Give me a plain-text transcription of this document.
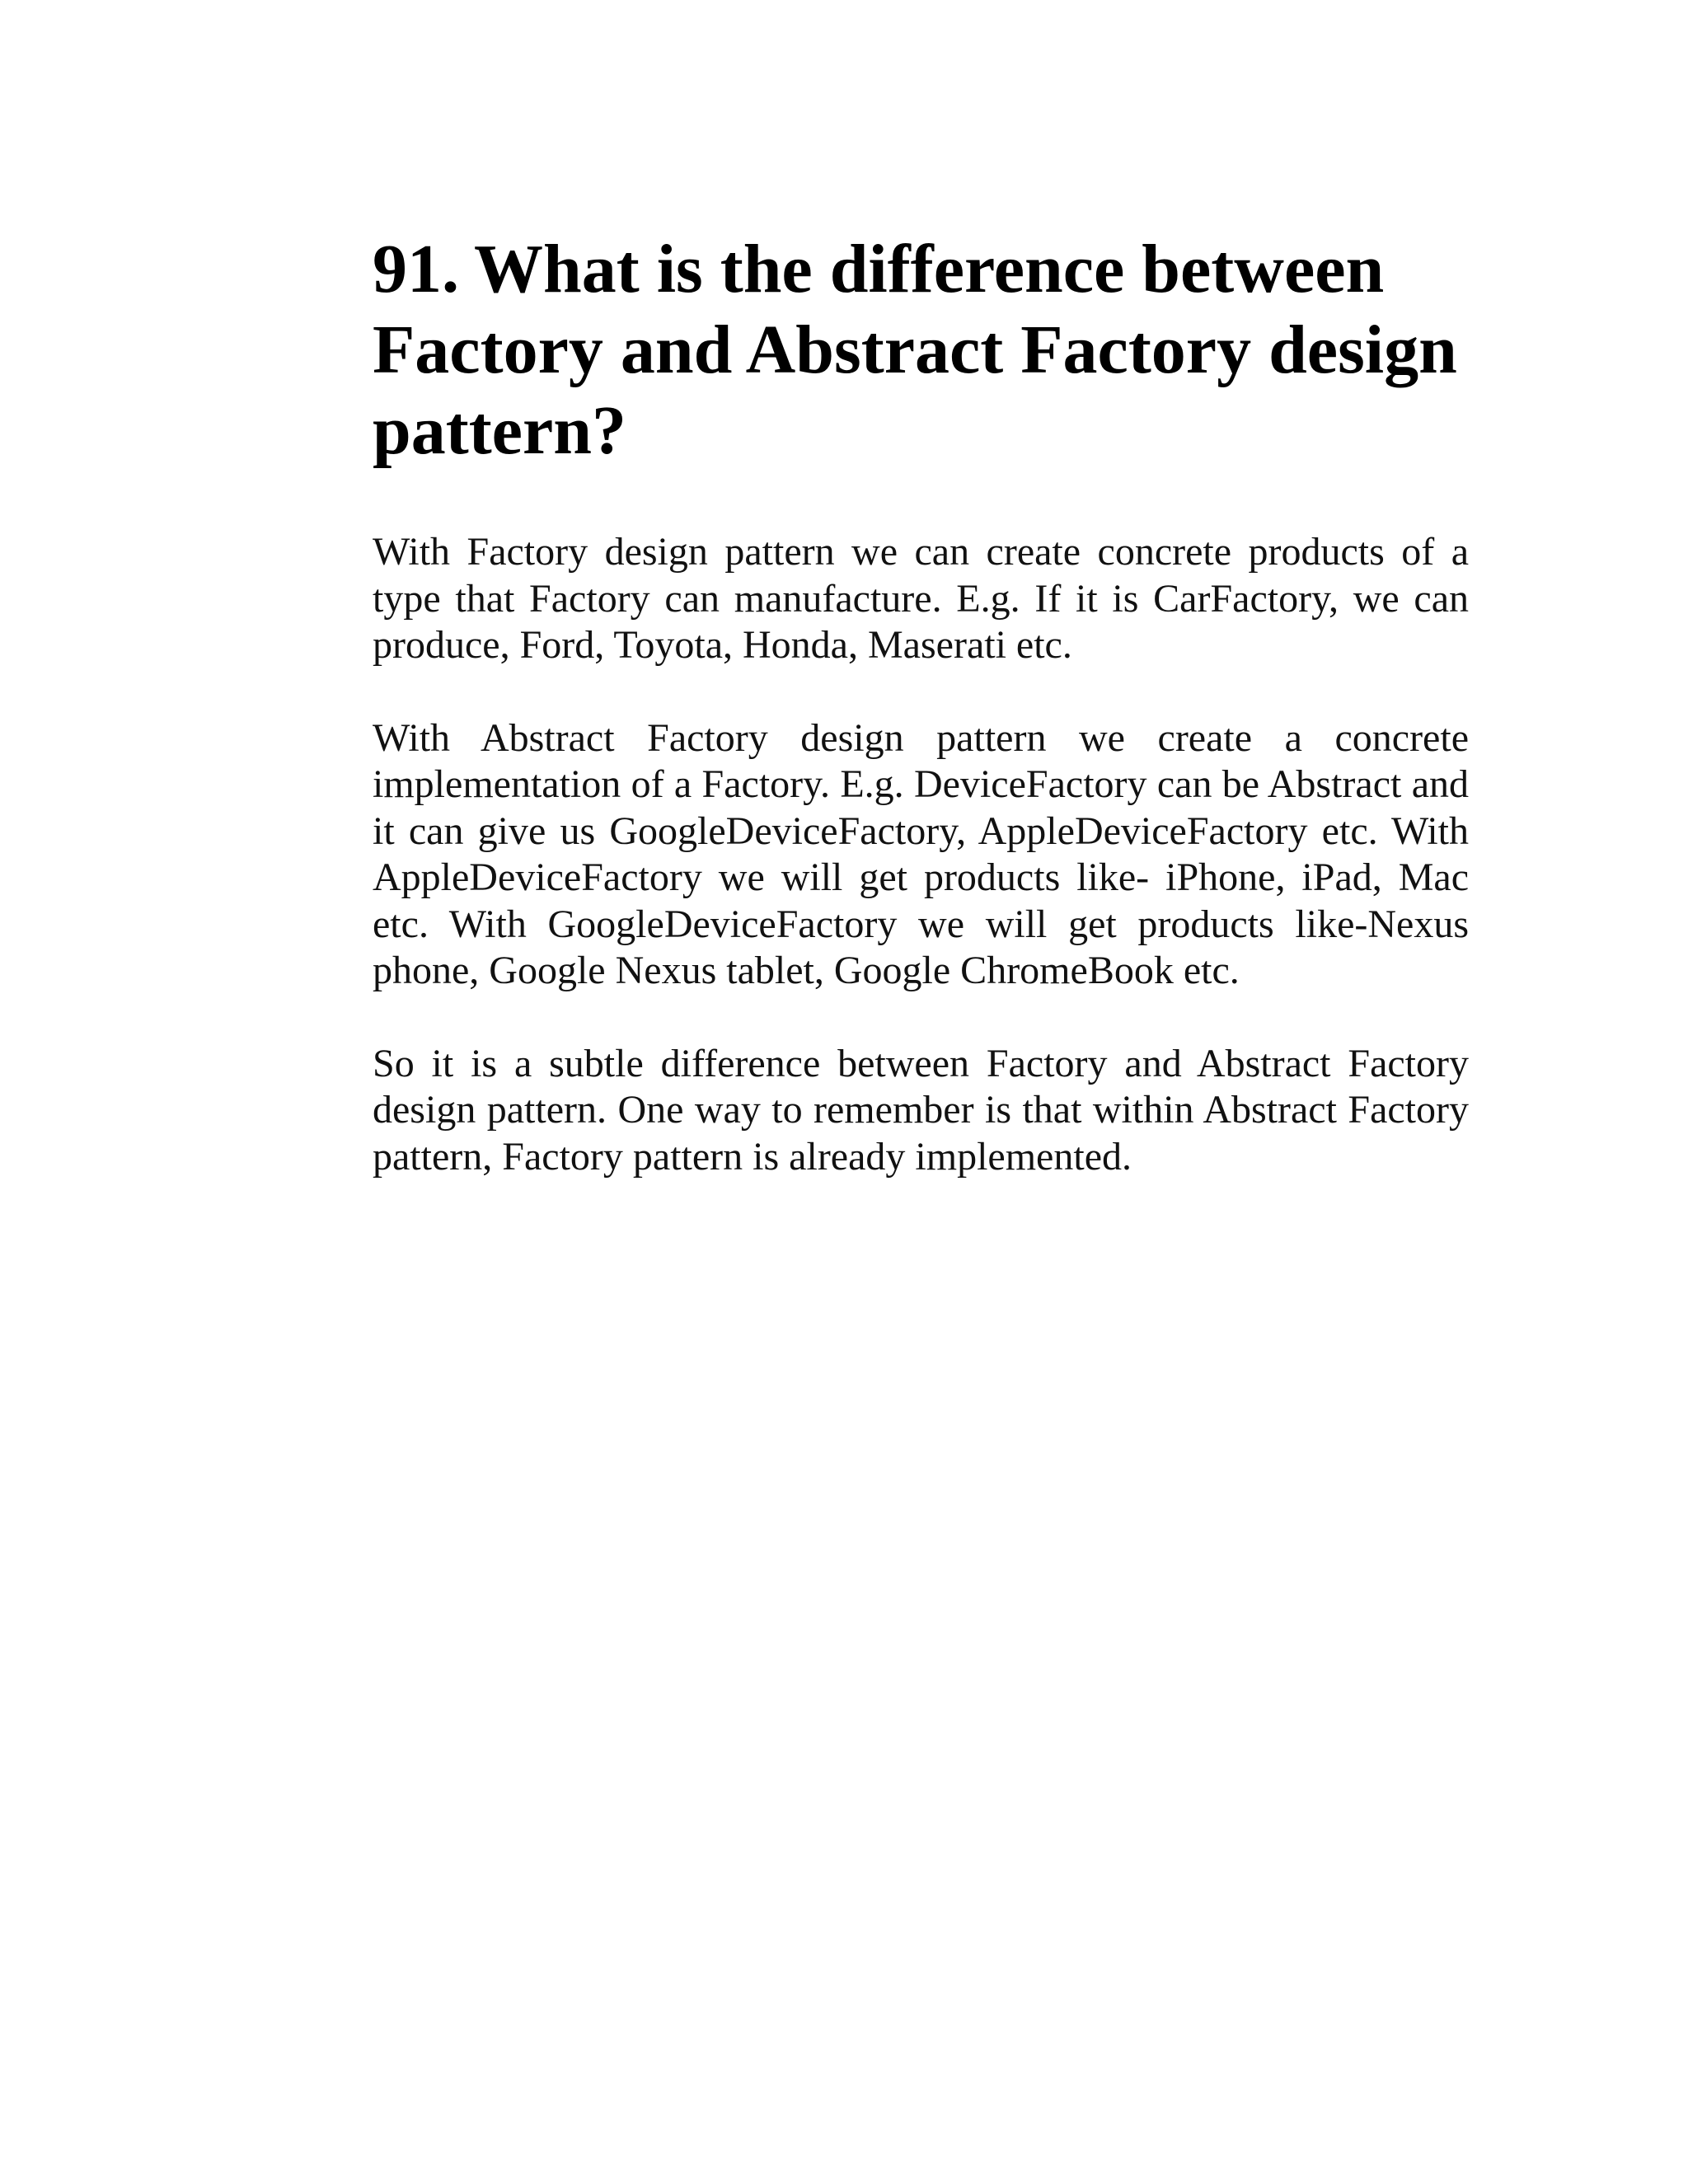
91. What is the difference between
Factory and Abstract Factory design
pattern?

With Factory design pattern we can create concrete products of a type that Factory can manufacture. E.g. If it is CarFactory, we can produce, Ford, Toyota, Honda, Maserati etc.

With Abstract Factory design pattern we create a concrete implementation of a Factory. E.g. DeviceFactory can be Abstract and it can give us GoogleDeviceFactory, AppleDeviceFactory etc. With AppleDeviceFactory we will get products like- iPhone, iPad, Mac etc. With GoogleDeviceFactory we will get products like-Nexus phone, Google Nexus tablet, Google ChromeBook etc.

So it is a subtle difference between Factory and Abstract Factory design pattern. One way to remember is that within Abstract Factory pattern, Factory pattern is already implemented.
